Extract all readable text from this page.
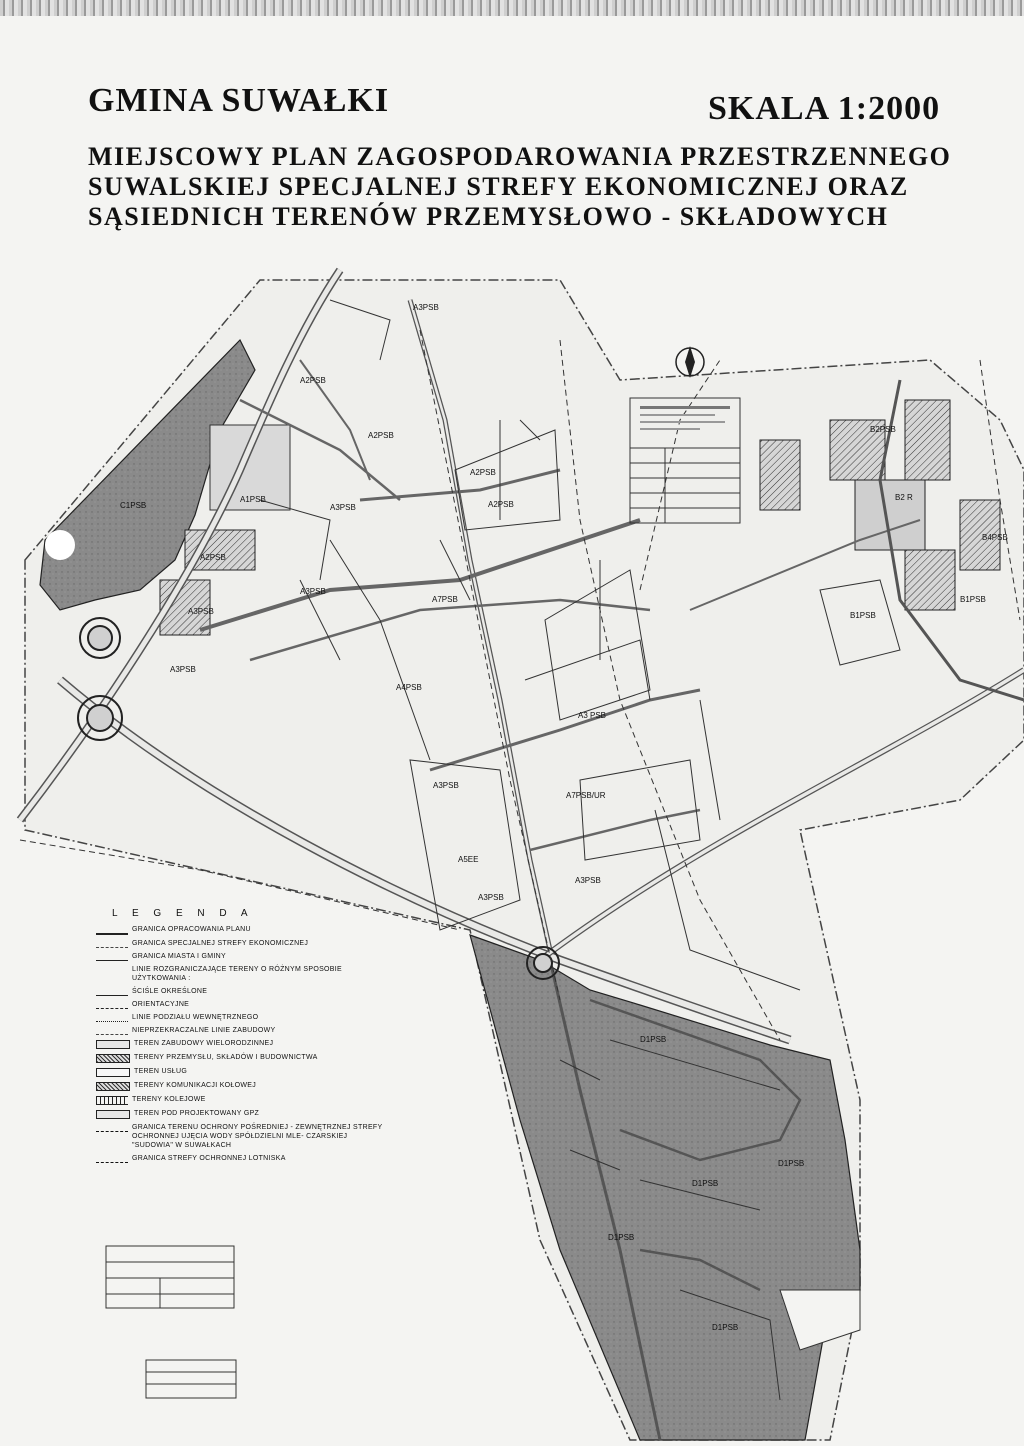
GMINA SUWAŁKI	SKALA 1:2000
MIEJSCOWY PLAN ZAGOSPODAROWANIA PRZESTRZENNEGO
SUWALSKIEJ SPECJALNEJ STREFY EKONOMICZNEJ ORAZ
SĄSIEDNICH TERENÓW PRZEMYSŁOWO - SKŁADOWYCH
C1PSB
A1PSB
A2PSB
A2PSB
A2PSB
A2PSB
A2PSB
A3PSB
A3PSB
A3PSB
A3PSB
A3PSB
A3 PSB
A3PSB
A3PSB
A3PSB
A4PSB
A7PSB
A7PSB/UR
A5EE
B1PSB
B1PSB
B2PSB
B2 R
B4PSB
D1PSB
D1PSB
D1PSB
D1PSB
D1PSB
L E G E N D A
GRANICA OPRACOWANIA PLANU
GRANICA SPECJALNEJ STREFY EKONOMICZNEJ
GRANICA MIASTA I GMINY
LINIE ROZGRANICZAJĄCE TERENY O RÓŻNYM SPOSOBIE UŻYTKOWANIA :
ŚCIŚLE OKREŚLONE
ORIENTACYJNE
LINIE PODZIAŁU WEWNĘTRZNEGO
NIEPRZEKRACZALNE LINIE ZABUDOWY
TEREN ZABUDOWY WIELORODZINNEJ
TERENY PRZEMYSŁU, SKŁADÓW I BUDOWNICTWA
TEREN USŁUG
TERENY KOMUNIKACJI KOŁOWEJ
TERENY KOLEJOWE
TEREN POD PROJEKTOWANY GPZ
GRANICA TERENU OCHRONY POŚREDNIEJ - ZEWNĘTRZNEJ STREFY OCHRONNEJ UJĘCIA WODY SPÓŁDZIELNI MLE- CZARSKIEJ "SUDOWIA" W SUWAŁKACH
GRANICA STREFY OCHRONNEJ LOTNISKA
